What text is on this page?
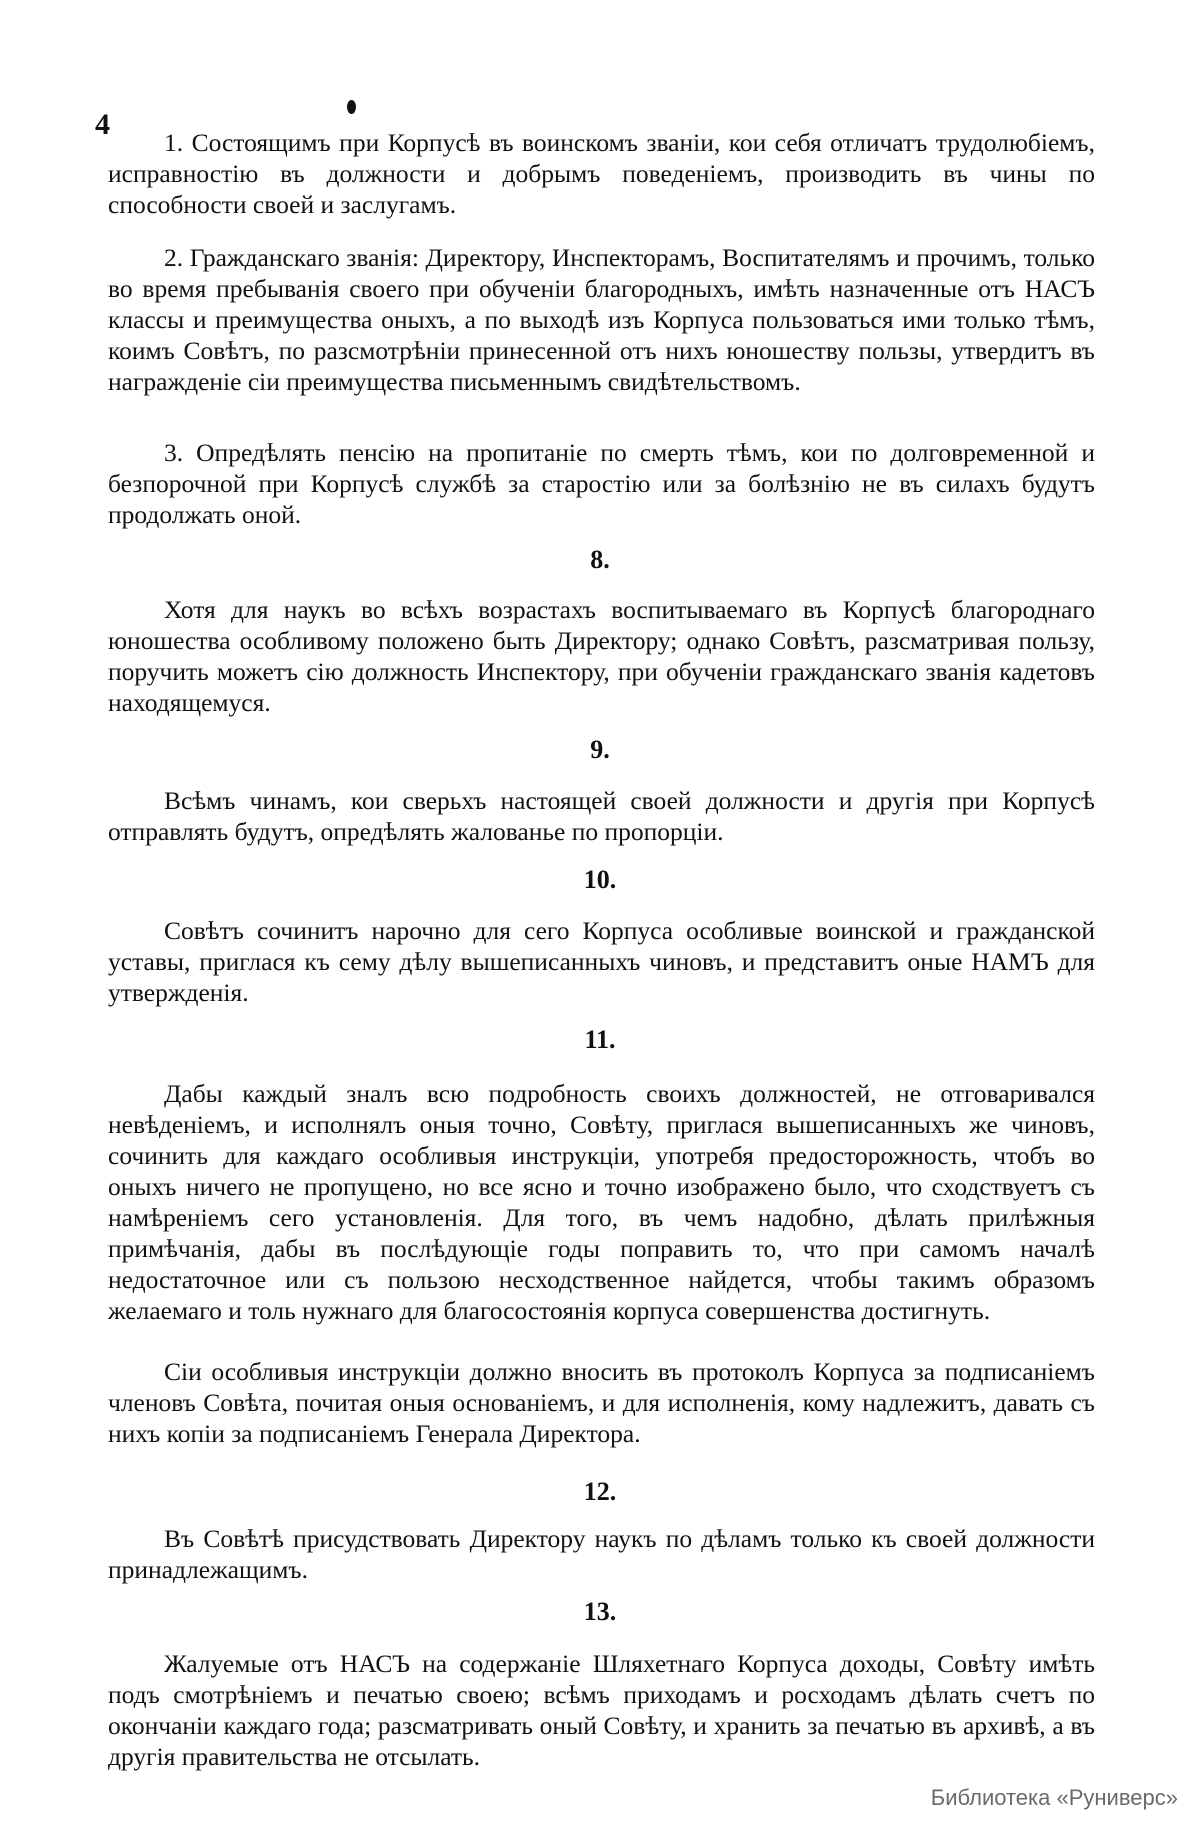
4

1. Состоящимъ при Корпусѣ въ воинскомъ званіи, кои себя отличатъ трудолюбіемъ, исправностію въ должности и добрымъ поведеніемъ, производить въ чины по способности своей и заслугамъ.

2. Гражданскаго званія: Директору, Инспекторамъ, Воспитателямъ и прочимъ, только во время пребыванія своего при обученіи благородныхъ, имѣть назначенные отъ НАСЪ классы и преимущества оныхъ, а по выходѣ изъ Корпуса пользоваться ими только тѣмъ, коимъ Совѣтъ, по разсмотрѣніи принесенной отъ нихъ юношеству пользы, утвердитъ въ награжденіе сіи преимущества письменнымъ свидѣтельствомъ.

3. Опредѣлять пенсію на пропитаніе по смерть тѣмъ, кои по долговременной и безпорочной при Корпусѣ службѣ за старостію или за болѣзнію не въ силахъ будутъ продолжать оной.

8.

Хотя для наукъ во всѣхъ возрастахъ воспитываемаго въ Корпусѣ благороднаго юношества особливому положено быть Директору; однако Совѣтъ, разсматривая пользу, поручить можетъ сію должность Инспектору, при обученіи гражданскаго званія кадетовъ находящемуся.

9.

Всѣмъ чинамъ, кои сверьхъ настоящей своей должности и другія при Корпусѣ отправлять будутъ, опредѣлять жалованье по пропорціи.

10.

Совѣтъ сочинитъ нарочно для сего Корпуса особливые воинской и гражданской уставы, приглася къ сему дѣлу вышеписанныхъ чиновъ, и представитъ оные НАМЪ для утвержденія.

11.

Дабы каждый зналъ всю подробность своихъ должностей, не отговаривался невѣденіемъ, и исполнялъ оныя точно, Совѣту, приглася вышеписанныхъ же чиновъ, сочинить для каждаго особливыя инструкціи, употребя предосторожность, чтобъ во оныхъ ничего не пропущено, но все ясно и точно изображено было, что сходствуетъ съ намѣреніемъ сего установленія. Для того, въ чемъ надобно, дѣлать прилѣжныя примѣчанія, дабы въ послѣдующіе годы поправить то, что при самомъ началѣ недостаточное или съ пользою несходственное найдется, чтобы такимъ образомъ желаемаго и толь нужнаго для благосостоянія корпуса совершенства достигнуть.

Сіи особливыя инструкціи должно вносить въ протоколъ Корпуса за подписаніемъ членовъ Совѣта, почитая оныя основаніемъ, и для исполненія, кому надлежитъ, давать съ нихъ копіи за подписаніемъ Генерала Директора.

12.

Въ Совѣтѣ присудствовать Директору наукъ по дѣламъ только къ своей должности принадлежащимъ.

13.

Жалуемые отъ НАСЪ на содержаніе Шляхетнаго Корпуса доходы, Совѣту имѣть подъ смотрѣніемъ и печатью своею; всѣмъ приходамъ и росходамъ дѣлать счетъ по окончаніи каждаго года; разсматривать оный Совѣту, и хранить за печатью въ архивѣ, а въ другія правительства не отсылать.

Библиотека «Руниверс»
